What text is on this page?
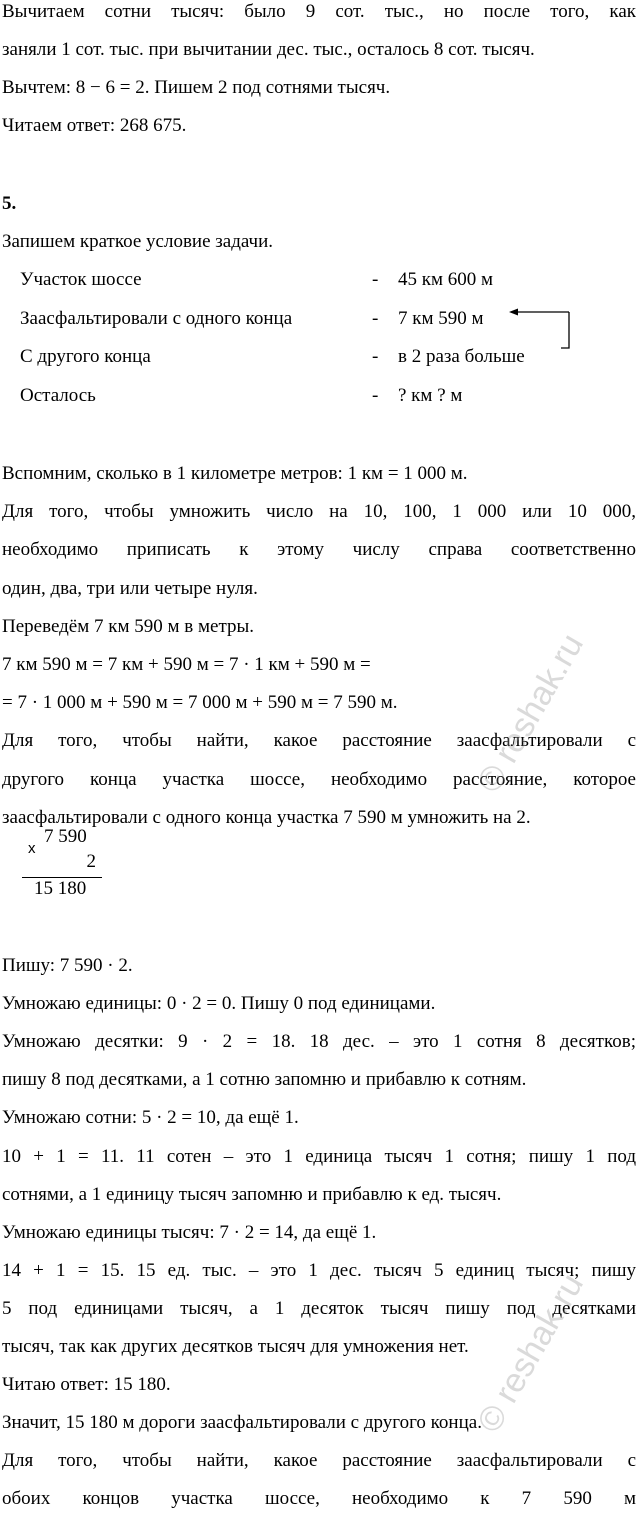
Вычитаем сотни тысяч: было 9 сот. тыс., но после того, как
заняли 1 сот. тыс. при вычитании дес. тыс., осталось 8 сот. тысяч.
Вычтем: 8 − 6 = 2. Пишем 2 под сотнями тысяч.
Читаем ответ: 268 675.
Вспомним, сколько в 1 километре метров: 1 км = 1 000 м.
Для того, чтобы умножить число на 10, 100, 1 000 или 10 000,
необходимо приписать к этому числу справа соответственно
один, два, три или четыре нуля.
Переведём 7 км 590 м в метры.
7 км 590 м = 7 км + 590 м = 7 · 1 км + 590 м =
= 7 · 1 000 м + 590 м = 7 000 м + 590 м = 7 590 м.
Для того, чтобы найти, какое расстояние заасфальтировали с
другого конца участка шоссе, необходимо расстояние, которое
заасфальтировали с одного конца участка 7 590 м умножить на 2.
Пишу: 7 590 · 2.
Умножаю единицы: 0 · 2 = 0. Пишу 0 под единицами.
Умножаю десятки: 9 · 2 = 18. 18 дес. – это 1 сотня 8 десятков;
пишу 8 под десятками, а 1 сотню запомню и прибавлю к сотням.
Умножаю сотни: 5 · 2 = 10, да ещё 1.
10 + 1 = 11. 11 сотен – это 1 единица тысяч 1 сотня; пишу 1 под
сотнями, а 1 единицу тысяч запомню и прибавлю к ед. тысяч.
Умножаю единицы тысяч: 7 · 2 = 14, да ещё 1.
14 + 1 = 15. 15 ед. тыс. – это 1 дес. тысяч 5 единиц тысяч; пишу
5 под единицами тысяч, а 1 десяток тысяч пишу под десятками
тысяч, так как других десятков тысяч для умножения нет.
Читаю ответ: 15 180.
Значит, 15 180 м дороги заасфальтировали с другого конца.
Для того, чтобы найти, какое расстояние заасфальтировали с
обоих концов участка шоссе, необходимо к 7 590 м
5.
Запишем краткое условие задачи.
Участок шоссе	- 45 км 600 м
Заасфальтировали с одного конца	- 7 км 590 м
С другого конца	- в 2 раза больше
Осталось	- ? км ? м
x
7 590
2
15 180
© reshak.ru
© reshak.ru
